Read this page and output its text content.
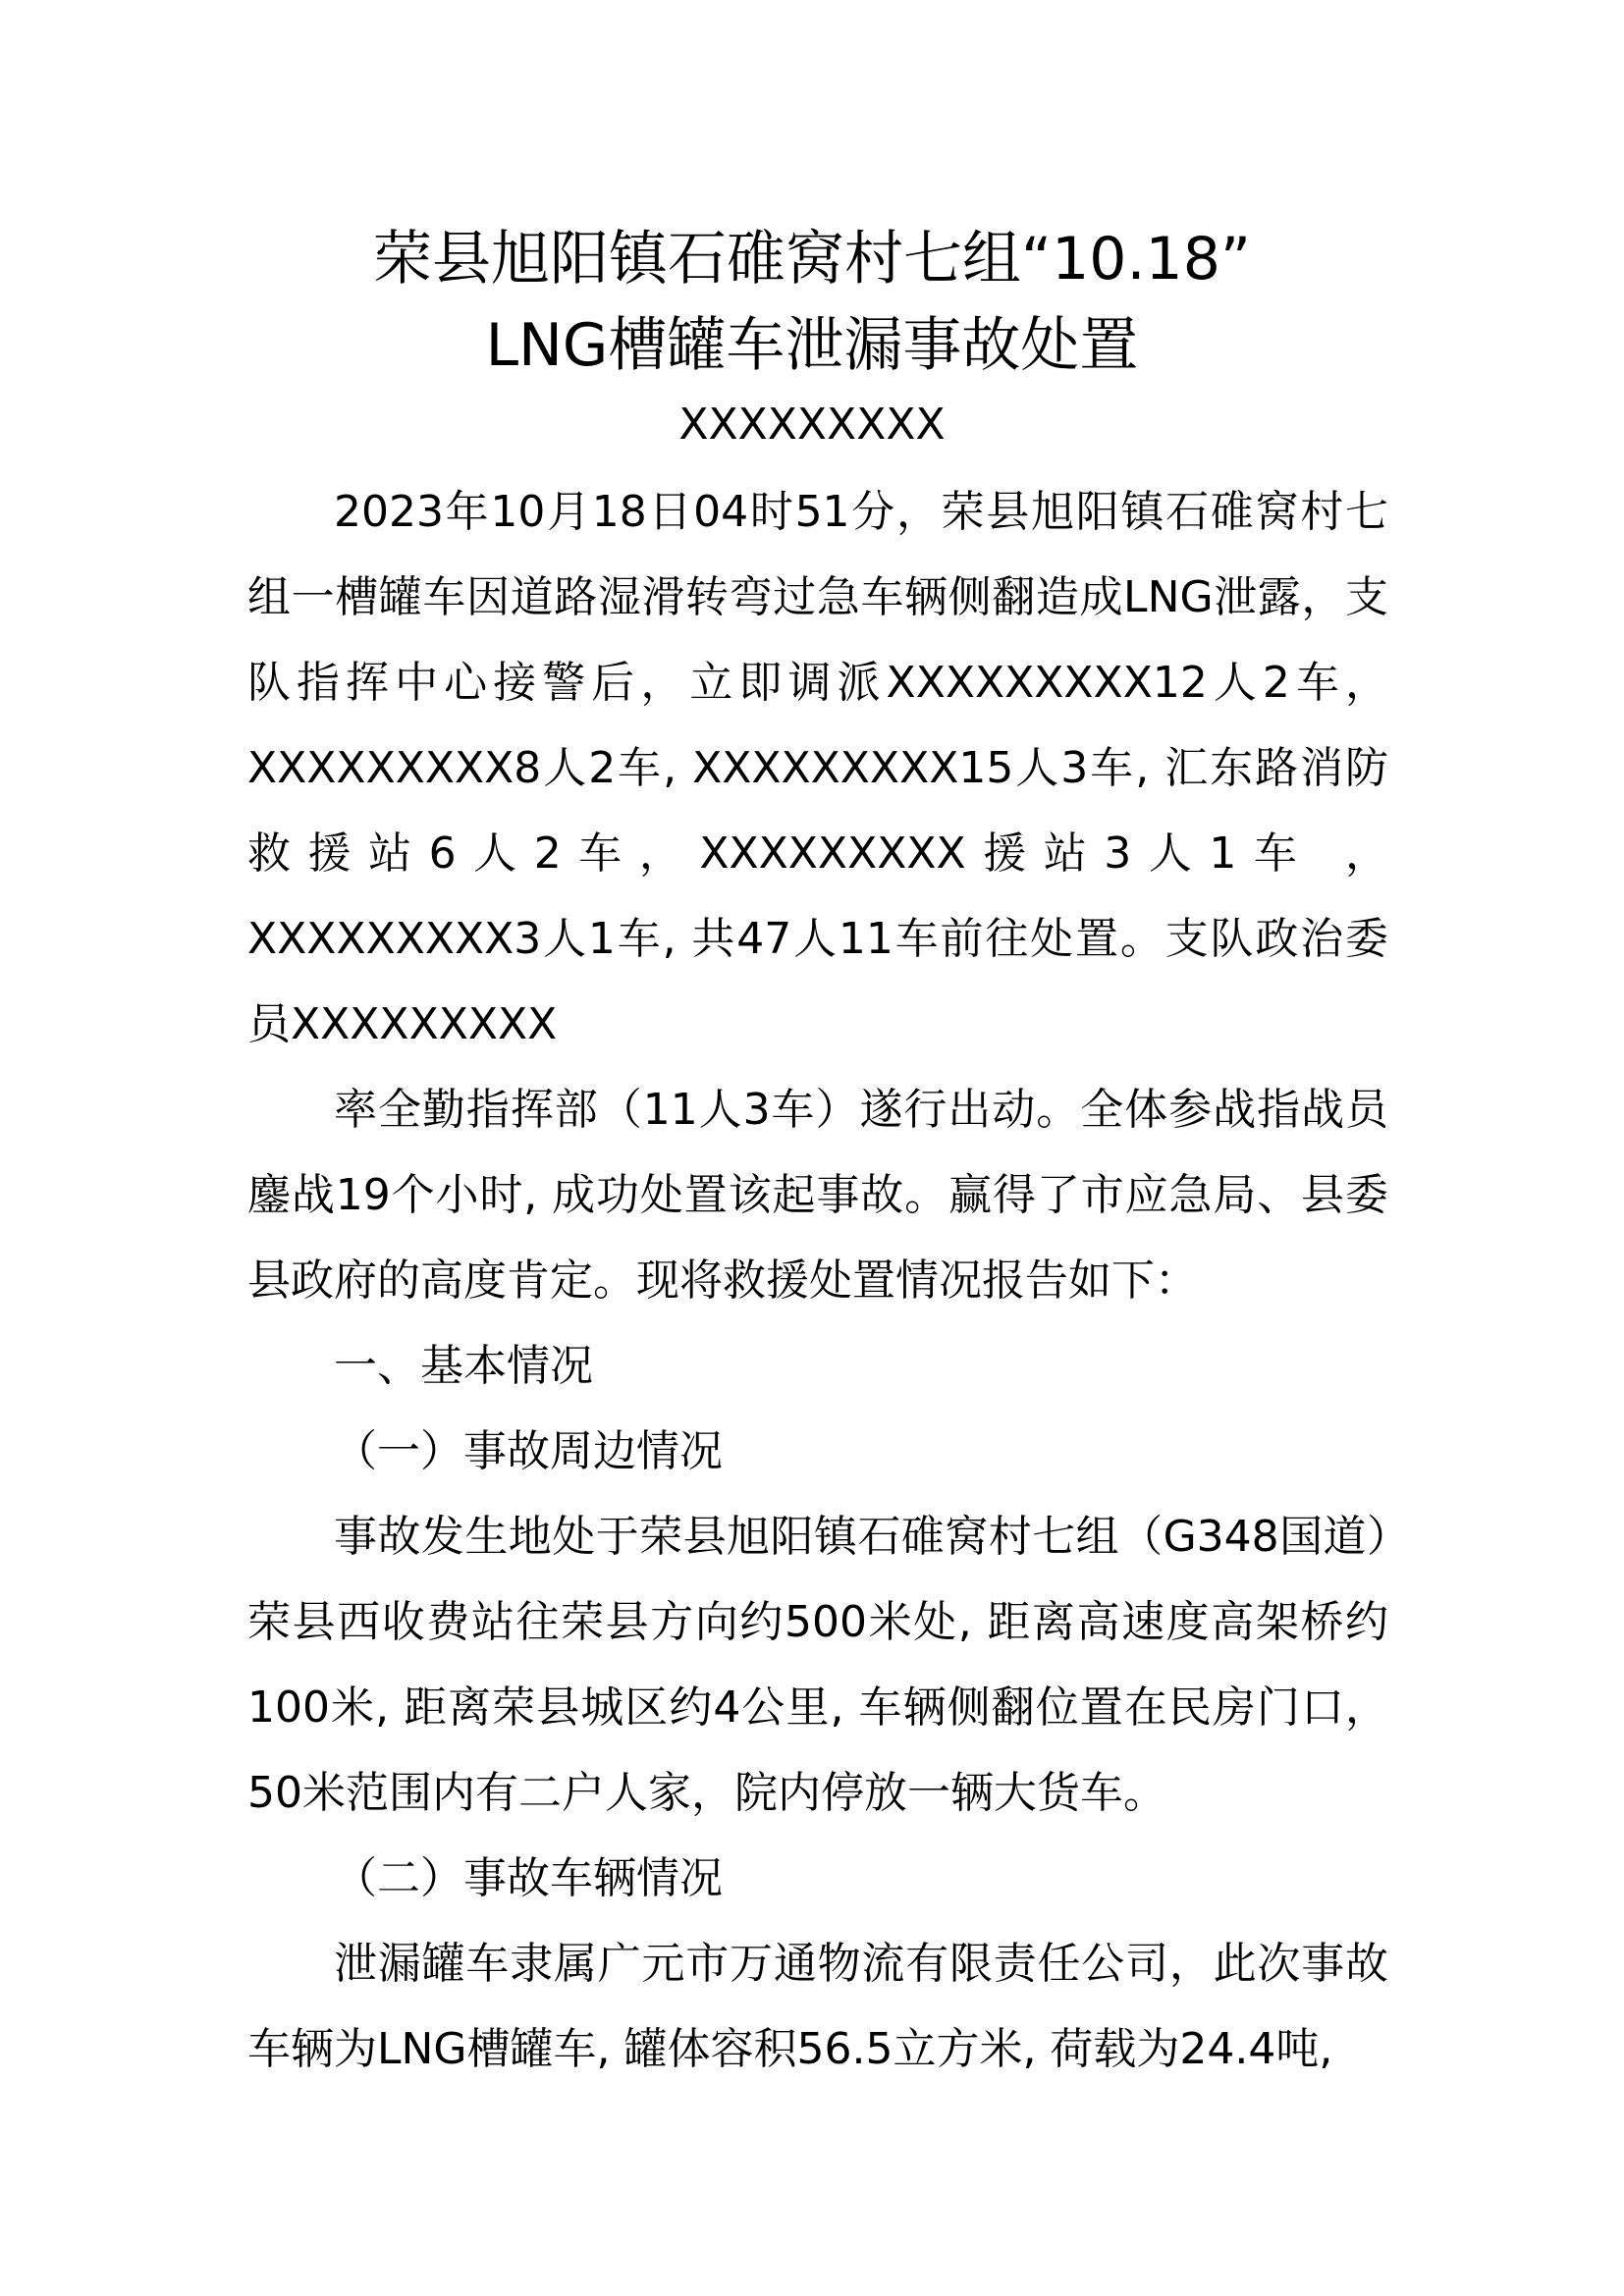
荣县旭阳镇石碓窝村七组“10.18”
LNG槽罐车泄漏事故处置
XXXXXXXXX

2023年10月18日04时51分，荣县旭阳镇石碓窝村七组一槽罐车因道路湿滑转弯过急车辆侧翻造成LNG泄露，支队指挥中心接警后，立即调派XXXXXXXXX12人2车，XXXXXXXXX8人2车, XXXXXXXXX15人3车, 汇东路消防救援站6人2车，XXXXXXXXX援站3人1车 ，XXXXXXXXX3人1车, 共47人11车前往处置。支队政治委员XXXXXXXXX

率全勤指挥部（11人3车）遂行出动。全体参战指战员鏖战19个小时, 成功处置该起事故。赢得了市应急局、县委县政府的高度肯定。现将救援处置情况报告如下：

一、基本情况

（一）事故周边情况

事故发生地处于荣县旭阳镇石碓窝村七组（G348国道）荣县西收费站往荣县方向约500米处, 距离高速度高架桥约100米, 距离荣县城区约4公里, 车辆侧翻位置在民房门口，50米范围内有二户人家，院内停放一辆大货车。

（二）事故车辆情况

泄漏罐车隶属广元市万通物流有限责任公司，此次事故车辆为LNG槽罐车, 罐体容积56.5立方米, 荷载为24.4吨,
